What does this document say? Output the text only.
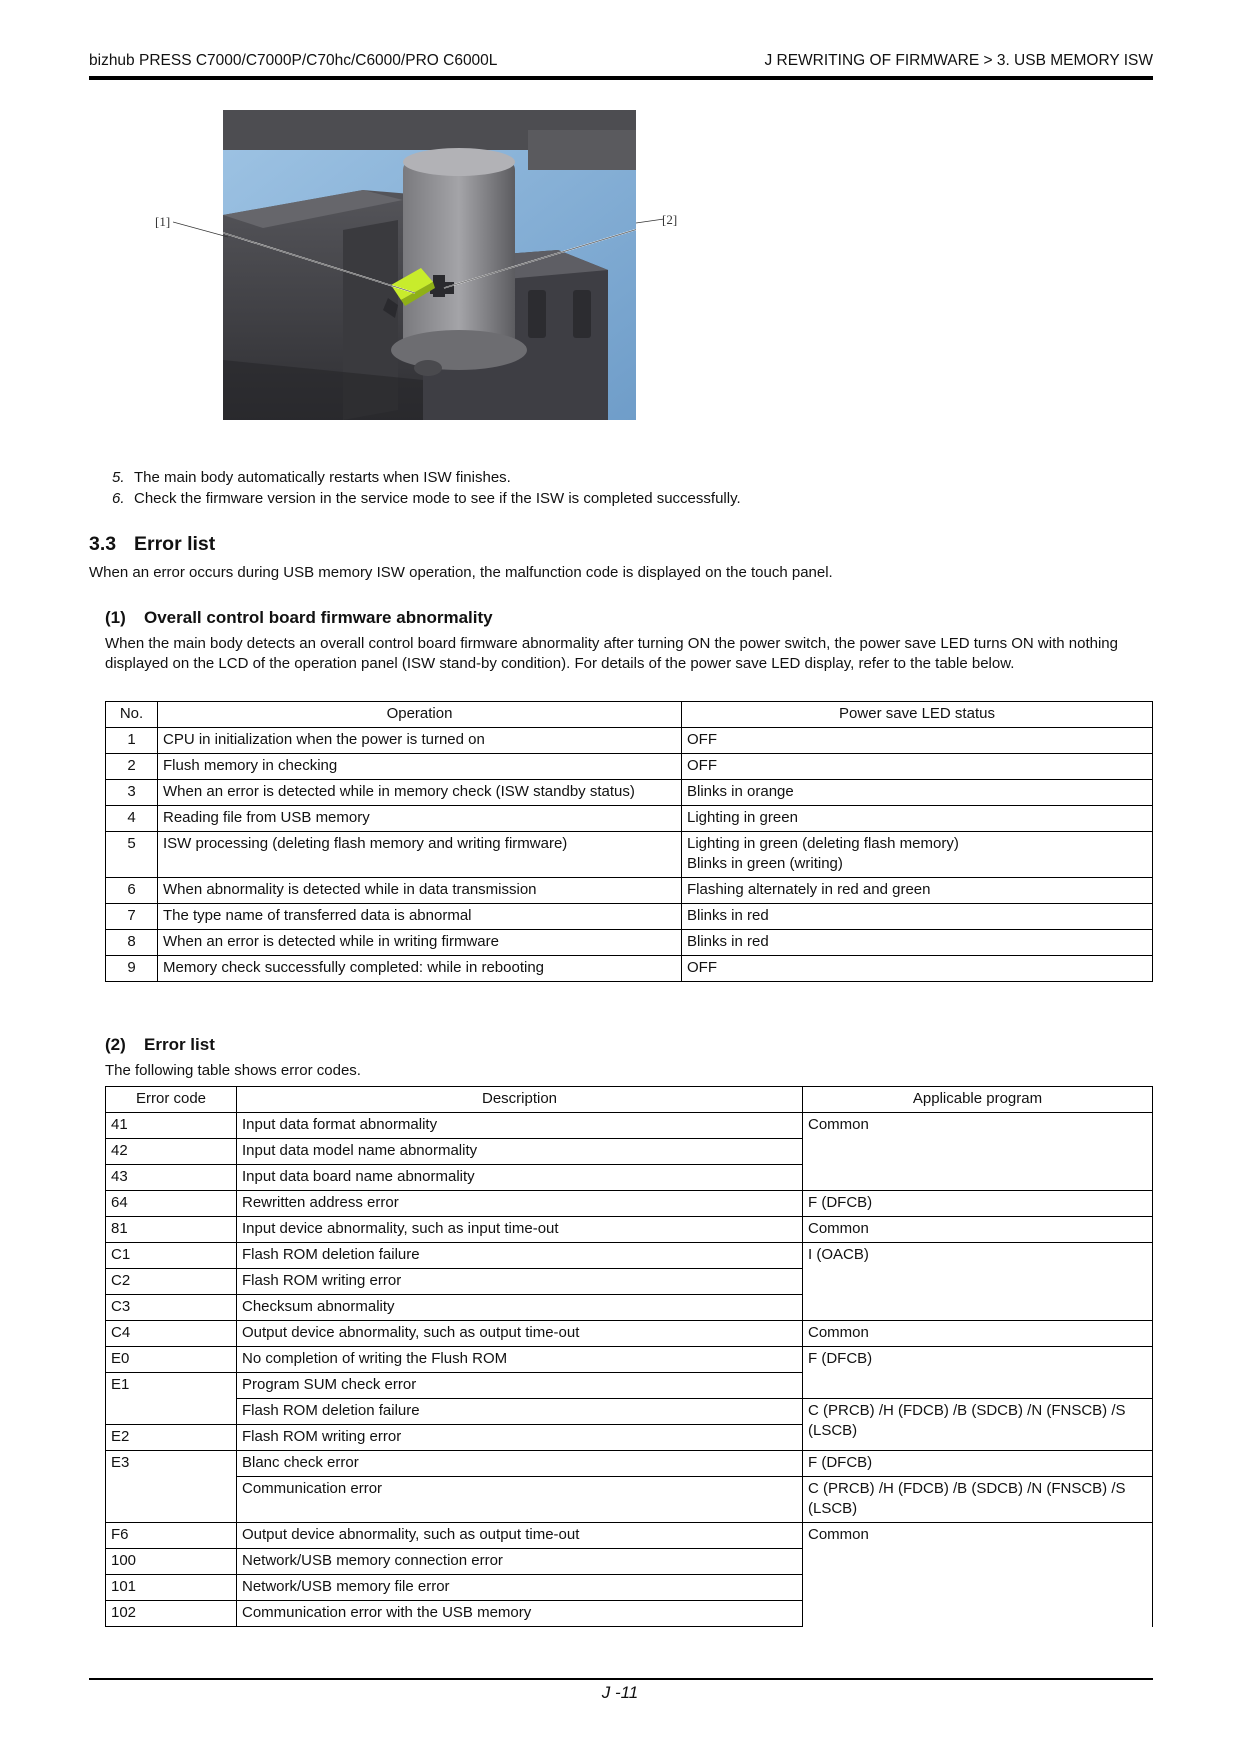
bizhub PRESS C7000/C7000P/C70hc/C6000/PRO C6000L	J REWRITING OF FIRMWARE > 3. USB MEMORY ISW
[1]	[2]
5. The main body automatically restarts when ISW finishes.
6. Check the firmware version in the service mode to see if the ISW is completed successfully.
3.3 Error list
When an error occurs during USB memory ISW operation, the malfunction code is displayed on the touch panel.
(1) Overall control board firmware abnormality
When the main body detects an overall control board firmware abnormality after turning ON the power switch, the power save LED turns ON with nothing displayed on the LCD of the operation panel (ISW stand-by condition). For details of the power save LED display, refer to the table below.
No.	Operation	Power save LED status
1	CPU in initialization when the power is turned on	OFF
2	Flush memory in checking	OFF
3	When an error is detected while in memory check (ISW standby status)	Blinks in orange
4	Reading file from USB memory	Lighting in green
5	ISW processing (deleting flash memory and writing firmware)	Lighting in green (deleting flash memory)
Blinks in green (writing)
6	When abnormality is detected while in data transmission	Flashing alternately in red and green
7	The type name of transferred data is abnormal	Blinks in red
8	When an error is detected while in writing firmware	Blinks in red
9	Memory check successfully completed: while in rebooting	OFF
(2) Error list
The following table shows error codes.
Error code	Description	Applicable program
41	Input data format abnormality	Common
42	Input data model name abnormality	
43	Input data board name abnormality	
64	Rewritten address error	F (DFCB)
81	Input device abnormality, such as input time-out	Common
C1	Flash ROM deletion failure	I (OACB)
C2	Flash ROM writing error	
C3	Checksum abnormality	
C4	Output device abnormality, such as output time-out	Common
E0	No completion of writing the Flush ROM	F (DFCB)
E1	Program SUM check error	
	Flash ROM deletion failure	C (PRCB) /H (FDCB) /B (SDCB) /N (FNSCB) /S (LSCB)
E2	Flash ROM writing error	
E3	Blanc check error	F (DFCB)
	Communication error	C (PRCB) /H (FDCB) /B (SDCB) /N (FNSCB) /S (LSCB)
F6	Output device abnormality, such as output time-out	Common
100	Network/USB memory connection error	
101	Network/USB memory file error	
102	Communication error with the USB memory	
J -11
